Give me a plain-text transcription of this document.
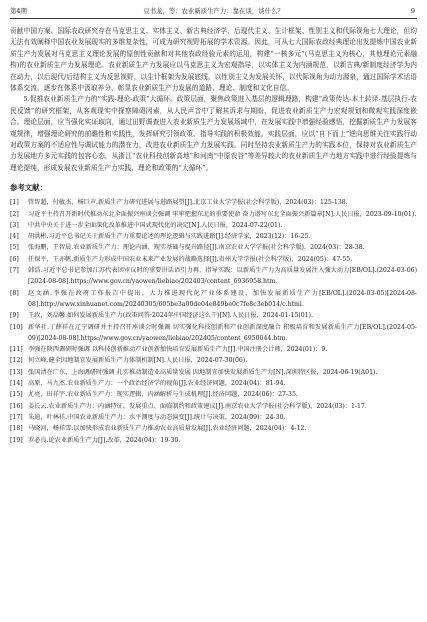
第4期	豆书龙，等：农业新质生产力：靠在谈，谈什么？	9

贡献中国方案。国际农政研究存在马克思主义、实体主义、新古典经济学、后现代主义、生计框架、性别主义和代际视角七大理论，但均无法有效阐释中国农业发展现实的多维复杂性，可成为研究视野拓展的学术资源。因此，可从七大国际农政经典理论出发提炼中国农业新质生产力发展对马克思主义理论发展的原创性贡献和对其他农政经验元素的运用，构建“一核多元”(马克思主义为核心，其他理论元素融构)的农业新质生产力发展理论。农业新质生产力发展应以马克思主义为宏观指导，以实体主义为内涵规范，以新古典/新制度经济学为内在动力，以后现代/后结构主义为反思视野，以生计框架为发展底线，以性别主义为发展关怀，以代际视角为动力源泉，通过国际学术话语体系交流，逐步在体系中汲取养分，彰显农业新质生产力发展的道路、理论、制度和文化自信。

5.促推农业新质生产力的“实践-理论-政策”大循环。政策层面，聚焦政策进入基层的逻辑理路，构建“政策传达-本土转译-基层执行-农民反馈”的研究框架，从客观现实中探察障碍因素，从人民声音中了解其诉求与期盼，促进农业新质生产力宏观规划和微观实践深度嵌合。理论层面，应当强化实证取向，通过田野调查进入农业新质生产力发展场域中，在发展实践中增强经验感悟，挖掘新质生产力发展客观规律，增强理论研究的前瞻性和实践性，发挥研究引领政策、指导实践的积极效能。实践层面，应以“自下而上”逆向思维关注实践行动对政策方案的不适应性与调试能力的潜在力，改进农业新质生产力发展实践。同时坚持农业新质生产力的实践本位，保持对农业新质生产力发展地方多元实践的包容心态，从浙江“农业科技创新高地”和河南“中原农谷”等差异较大的农业新质生产力地方实践中进行经验提炼与理论提纯，形成发展农业新质生产力实践、理论和政策的“大循环”。

参考文献：
[1] 管智超，付敏杰，杨巨声.新质生产力研究进展与进路展望[J].北京工业大学学报(社会科学版)，2024(03)：125-138.
[2] 习近平主持召开新时代推动东北全面振兴座谈会强调 牢牢把握东北的重要使命 奋力谱写东北全面振兴新篇章[N].人民日报，2023-09-10(01).
[3] 中共中央关于进一步全面深化改革推进中国式现代化的决定[N].人民日报，2024-07-22(01).
[4] 胡洪彬.习近平总书记关于新质生产力重要论述的理论逻辑与实践进路[J].经济学家，2023(12)：16-25.
[5] 张海鹏，王智晨.农业新质生产力：理论内涵、现实基础与提升路径[J].南京农业大学学报(社会科学版)，2024(03)：28-38.
[6] 任保平，王亦帆.新质生产力形成中国农业未来产业发展的战略选择[J].贵州大学学报(社会科学版)，2024(05)：47-55.
[7] 韩浩.习近平总书记参加江苏代表团审议时的重要讲话语引力再，指导实践：以新质生产力为高质量发展注入强大动力[EB/OL].(2024-03-06)[2024-08-08].https://www.gov.cn/yaowen/liebiao/202403/content_6936958.htm.
[8] 赵文涵.李强在政府工作报告中提出，大力推进现代化产业体系建设，加快发展新质生产力[EB/OL].(2024-03-05)[2024-08-08].http://www.xinhuanet.com/20240305/605be3a00de04e849be0c7fe8c3eb014/c.html.
[9] 王政，刘晶馨.如何发展新质生产力(政策问答·2024年中国经济这么干)[N].人民日报，2024-01-15(01).
[10] 新华社.丁薛祥在辽宁调研并主持召开座谈会时强调 切实强化科技创新和产业创新深度融合 积极培育和发展新质生产力[EB/OL].(2024-05-09)[2024-08-08].https://www.gov.cn/yaowen/liebiao/202405/content_6950044.htm.
[11] 李强在陕西调研时强调 以科技创新推动产业创新加快培育发展新质生产力[J].中国注册会计师，2024(01)：9.
[12] 何立峰.健全因地制宜发展新质生产力体制机制[N].人民日报，2024-07-30(06).
[13] 张国清在广东、上海调研时强调 扎实推动制造业高质量发展 因地制宜加快发展新质生产力[N].深圳特区报，2024-06-19(A01).
[14] 高原，马九杰.农业新质生产力：一个政治经济学的视角[J].农业经济问题，2024(04)：81-94.
[15] 尤亮，田祥宇.农业新质生产力：现实逻辑、内涵解析与生成机理[J].经济问题，2024(06)：27-35.
[16] 姜长云.农业新质生产力：内涵特征、发展重点、面临制约和政策建议[J].南京农业大学学报(社会科学版)，2024(03)：1-17.
[17] 朱迪，叶林祥.中国农业新质生产力：水平测度与动态演变[J].统计与决策，2024(09)：24-30.
[18] 马晓河，杨祥雪.以加快形成农业新质生产力推动农业高质量发展[J].农业经济问题，2024(04)：4-12.
[19] 罗必良.论农业新质生产力[J].改革，2024(04)：19-30.
